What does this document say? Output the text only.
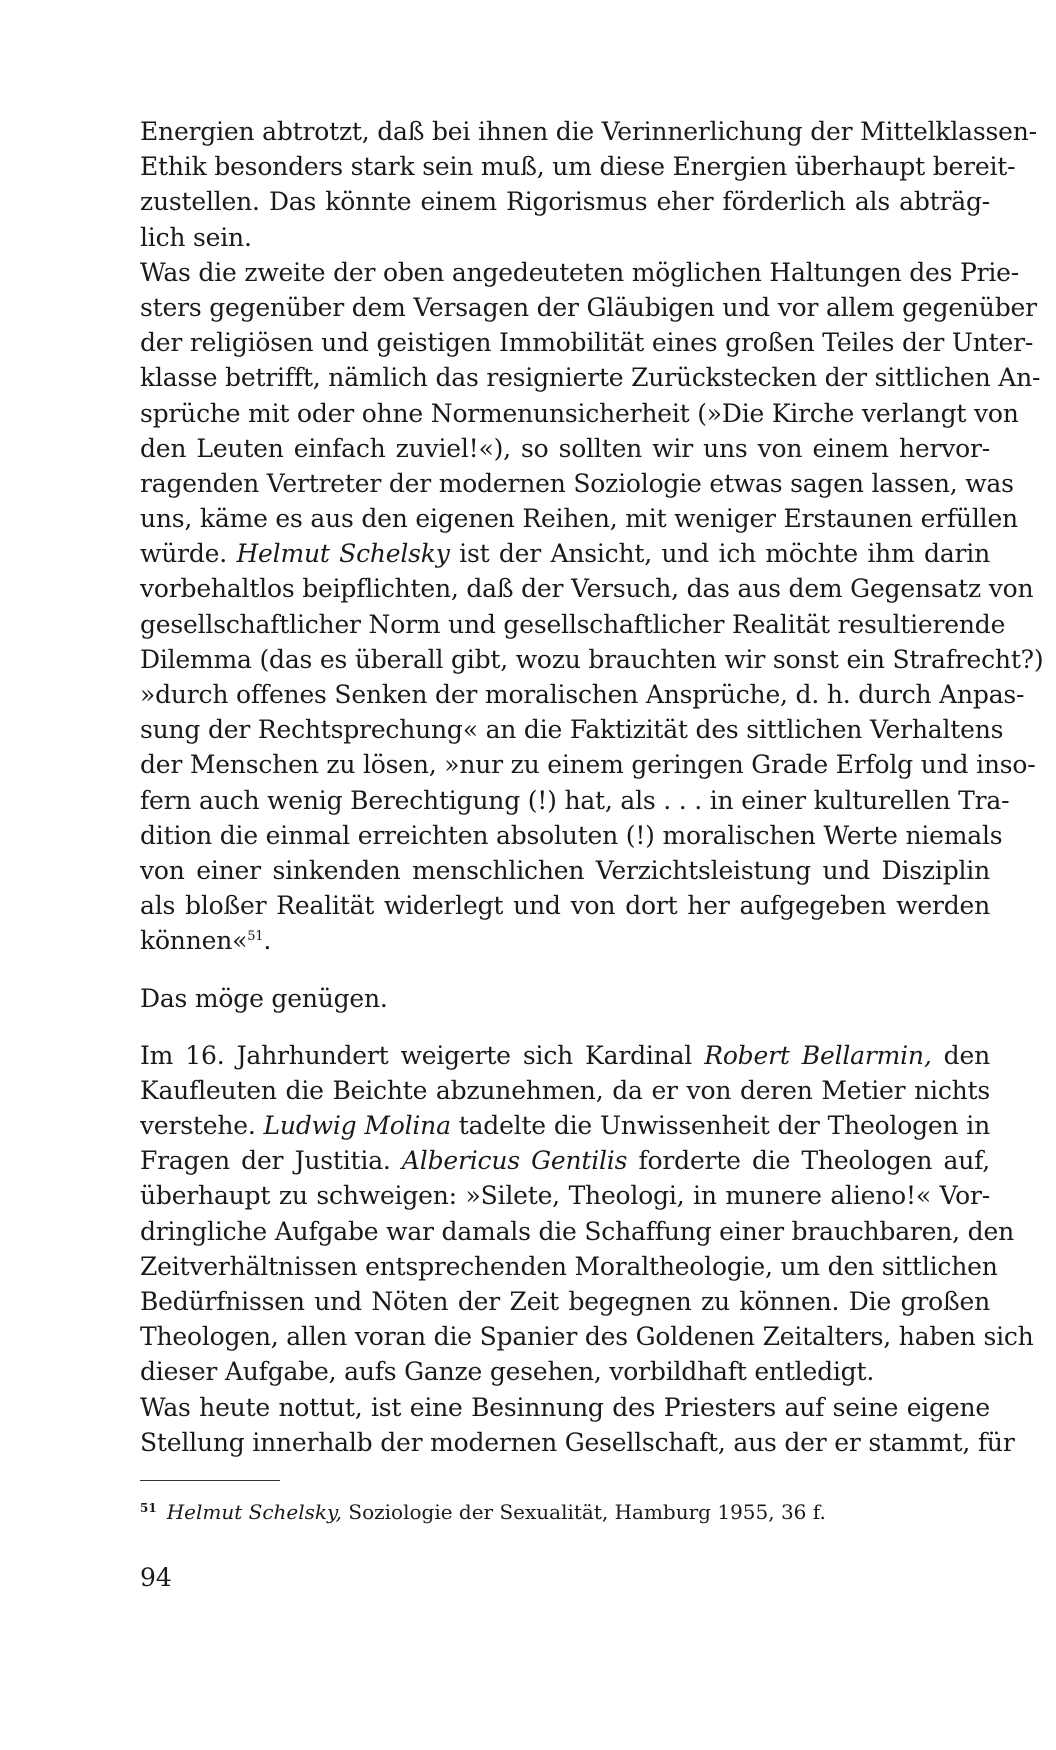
Energien abtrotzt, daß bei ihnen die Verinnerlichung der Mittelklassen-
Ethik besonders stark sein muß, um diese Energien überhaupt bereit-
zustellen. Das könnte einem Rigorismus eher förderlich als abträg-
lich sein.
Was die zweite der oben angedeuteten möglichen Haltungen des Prie-
sters gegenüber dem Versagen der Gläubigen und vor allem gegenüber
der religiösen und geistigen Immobilität eines großen Teiles der Unter-
klasse betrifft, nämlich das resignierte Zurückstecken der sittlichen An-
sprüche mit oder ohne Normenunsicherheit (»Die Kirche verlangt von
den Leuten einfach zuviel!«), so sollten wir uns von einem hervor-
ragenden Vertreter der modernen Soziologie etwas sagen lassen, was
uns, käme es aus den eigenen Reihen, mit weniger Erstaunen erfüllen
würde. Helmut Schelsky ist der Ansicht, und ich möchte ihm darin
vorbehaltlos beipflichten, daß der Versuch, das aus dem Gegensatz von
gesellschaftlicher Norm und gesellschaftlicher Realität resultierende
Dilemma (das es überall gibt, wozu brauchten wir sonst ein Strafrecht?)
»durch offenes Senken der moralischen Ansprüche, d. h. durch Anpas-
sung der Rechtsprechung« an die Faktizität des sittlichen Verhaltens
der Menschen zu lösen, »nur zu einem geringen Grade Erfolg und inso-
fern auch wenig Berechtigung (!) hat, als . . . in einer kulturellen Tra-
dition die einmal erreichten absoluten (!) moralischen Werte niemals
von einer sinkenden menschlichen Verzichtsleistung und Disziplin
als bloßer Realität widerlegt und von dort her aufgegeben werden
können«$^{51}$.
Das möge genügen.
Im 16. Jahrhundert weigerte sich Kardinal Robert Bellarmin, den
Kaufleuten die Beichte abzunehmen, da er von deren Metier nichts
verstehe. Ludwig Molina tadelte die Unwissenheit der Theologen in
Fragen der Justitia. Albericus Gentilis forderte die Theologen auf,
überhaupt zu schweigen: »Silete, Theologi, in munere alieno!« Vor-
dringliche Aufgabe war damals die Schaffung einer brauchbaren, den
Zeitverhältnissen entsprechenden Moraltheologie, um den sittlichen
Bedürfnissen und Nöten der Zeit begegnen zu können. Die großen
Theologen, allen voran die Spanier des Goldenen Zeitalters, haben sich
dieser Aufgabe, aufs Ganze gesehen, vorbildhaft entledigt.
Was heute nottut, ist eine Besinnung des Priesters auf seine eigene
Stellung innerhalb der modernen Gesellschaft, aus der er stammt, für
$^{51}$ Helmut Schelsky, Soziologie der Sexualität, Hamburg 1955, 36 f.
94
